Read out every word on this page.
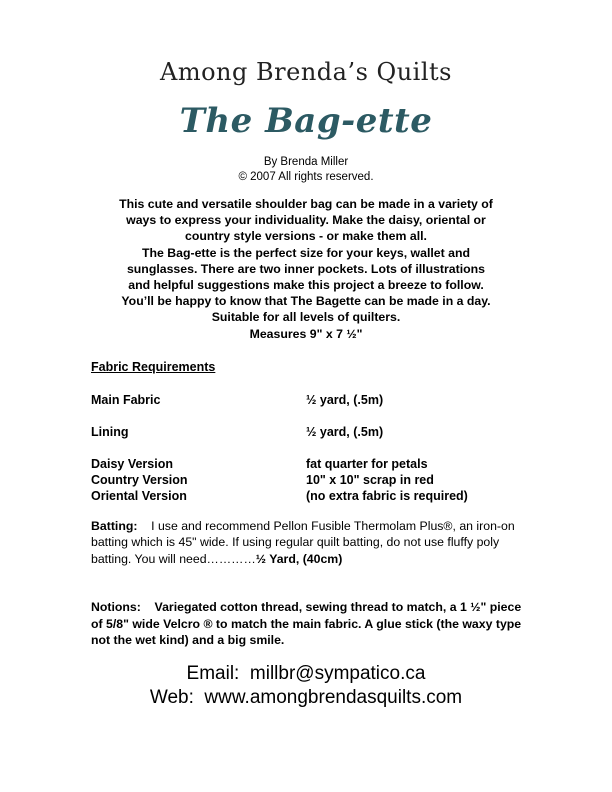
Among Brenda’s Quilts
The Bag-ette
By Brenda Miller
© 2007 All rights reserved.
This cute and versatile shoulder bag can be made in a variety of
ways to express your individuality. Make the daisy, oriental or
country style versions - or make them all.
The Bag-ette is the perfect size for your keys, wallet and
sunglasses. There are two inner pockets. Lots of illustrations
and helpful suggestions make this project a breeze to follow.
You’ll be happy to know that The Bagette can be made in a day.
Suitable for all levels of quilters.
Measures 9" x 7 ½"
Fabric Requirements
Main Fabric	½ yard, (.5m)
Lining	½ yard, (.5m)
Daisy Version	fat quarter for petals
Country Version	10" x 10" scrap in red
Oriental Version	(no extra fabric is required)
Batting: I use and recommend Pellon Fusible Thermolam Plus®, an iron-on batting which is 45" wide. If using regular quilt batting, do not use fluffy poly batting. You will need…………½ Yard, (40cm)
Notions: Variegated cotton thread, sewing thread to match, a 1 ½" piece of 5/8" wide Velcro ® to match the main fabric. A glue stick (the waxy type not the wet kind) and a big smile.
Email:  millbr@sympatico.ca
Web:  www.amongbrendasquilts.com
